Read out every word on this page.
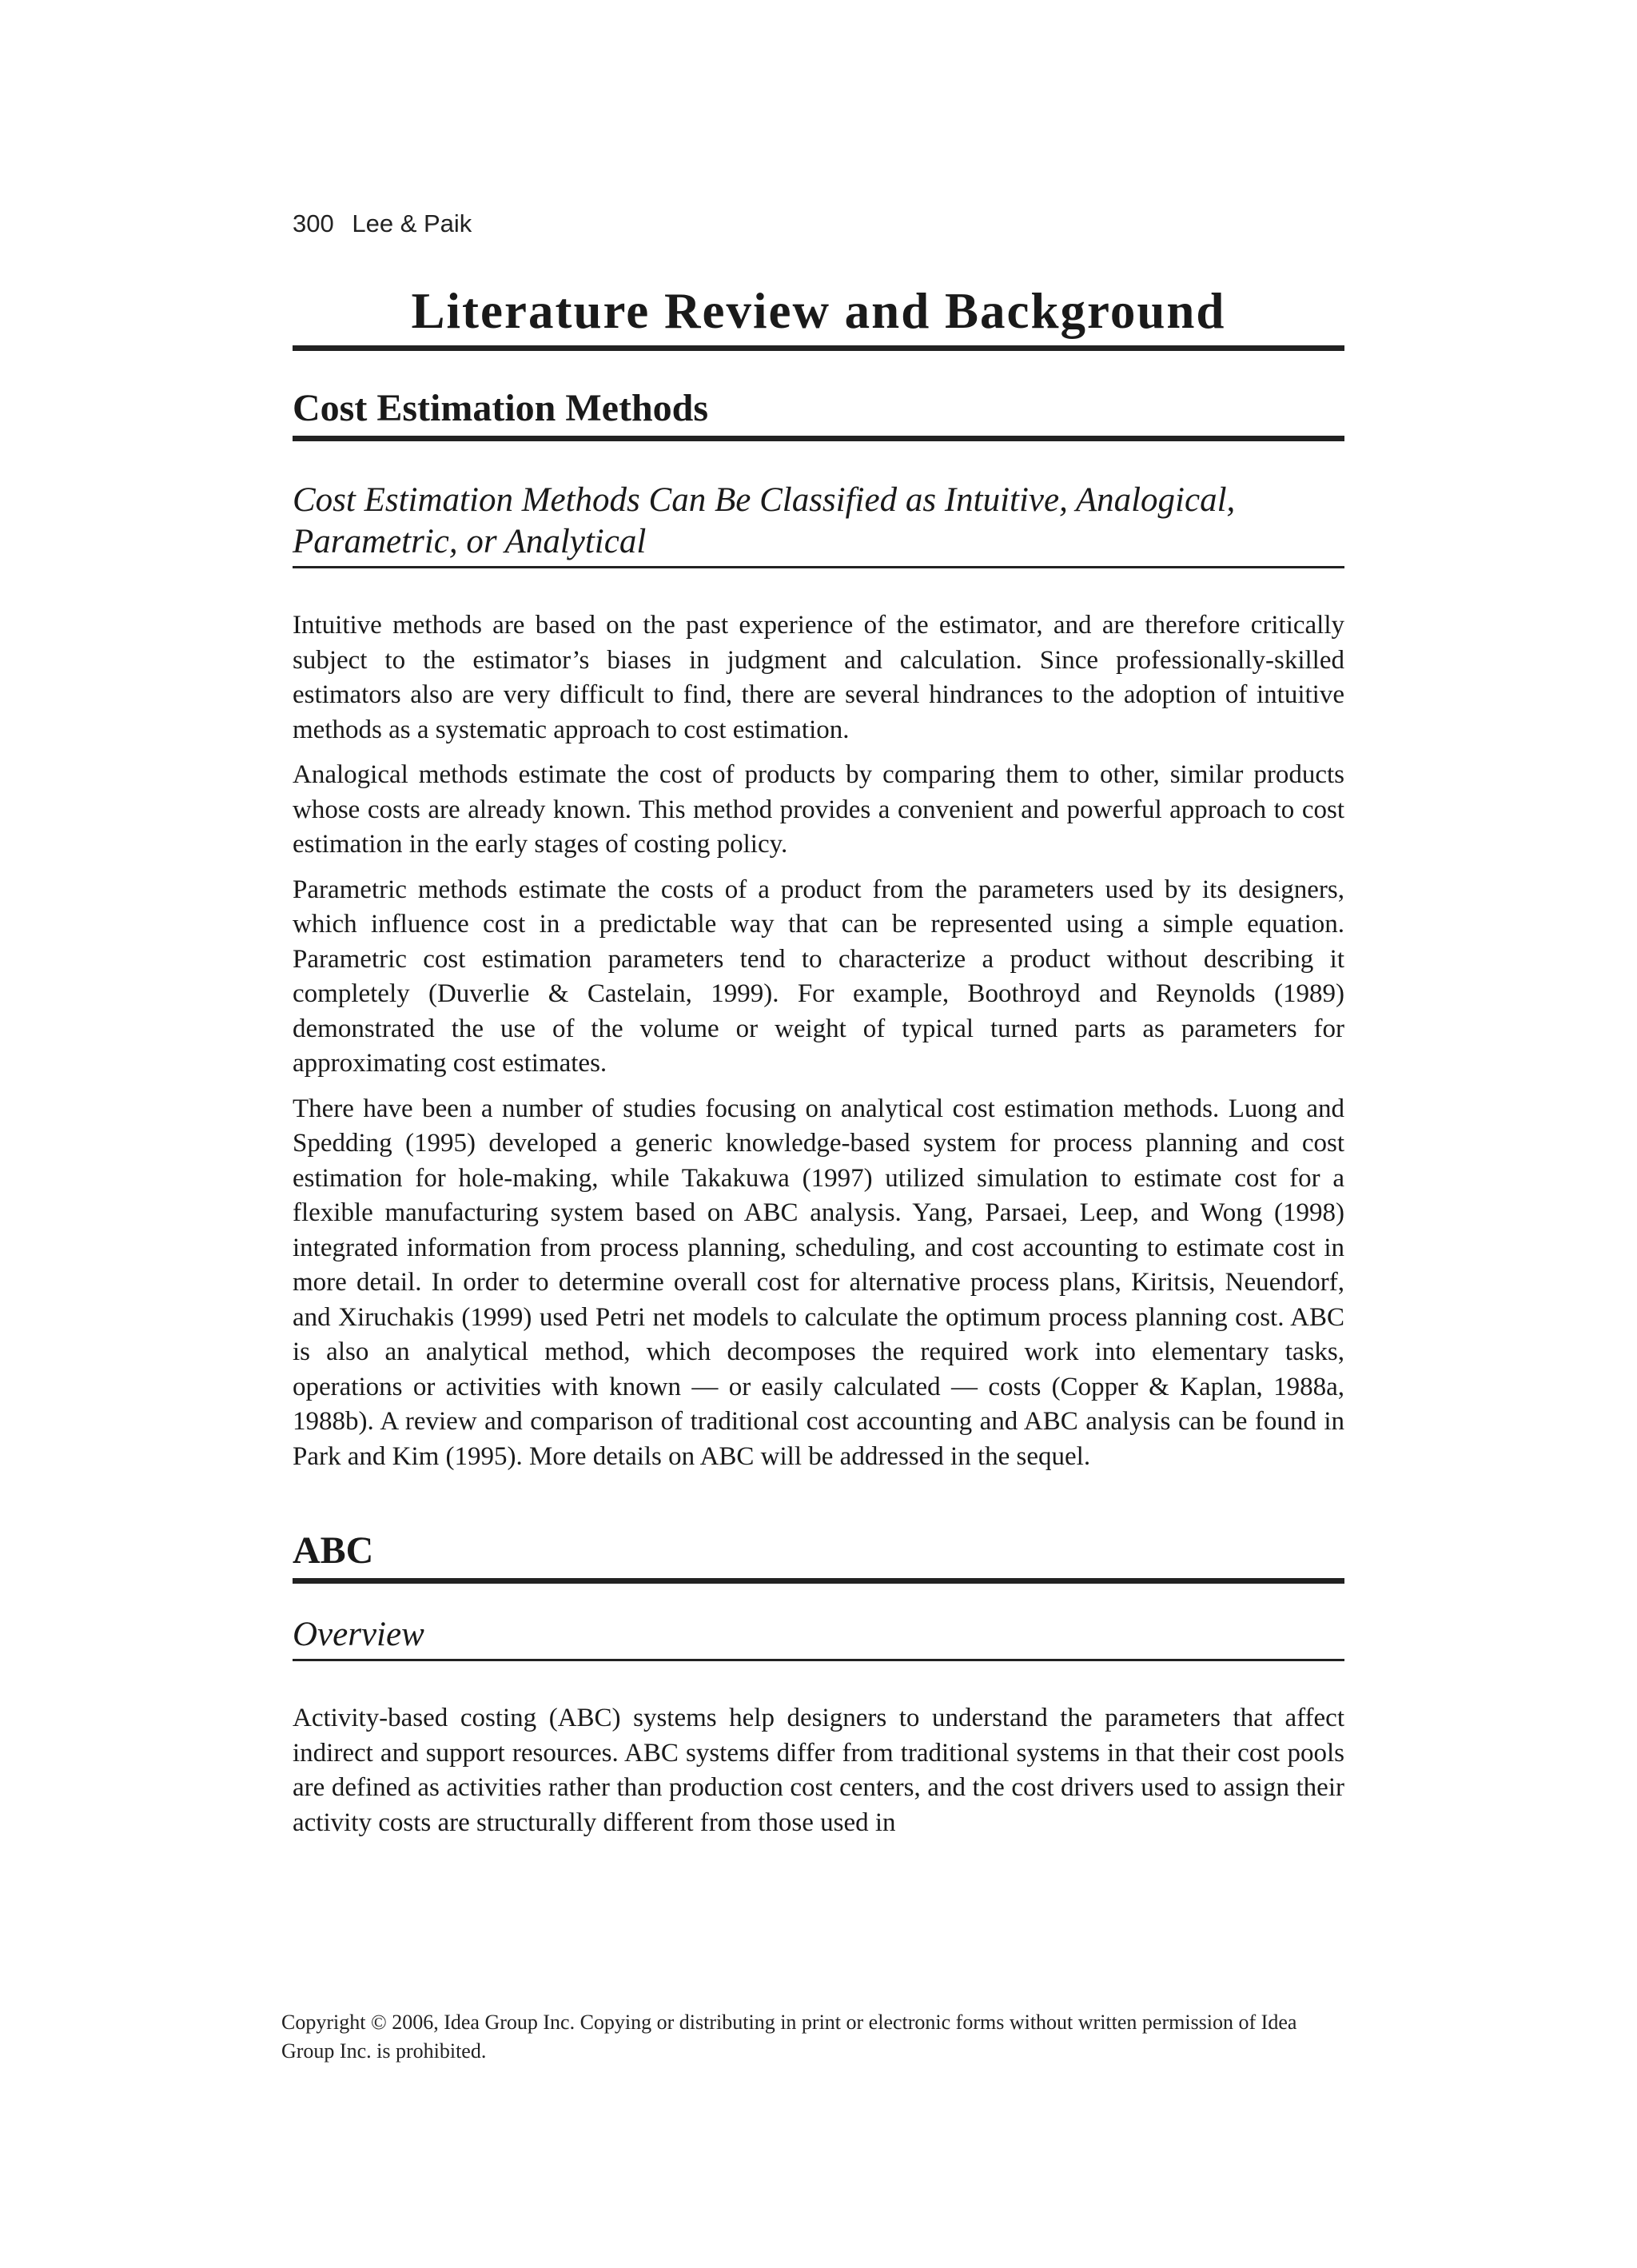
300 Lee & Paik
Literature Review and Background
Cost Estimation Methods
Cost Estimation Methods Can Be Classified as Intuitive, Analogical, Parametric, or Analytical

Intuitive methods are based on the past experience of the estimator, and are therefore critically subject to the estimator’s biases in judgment and calculation. Since professionally-skilled estimators also are very difficult to find, there are several hindrances to the adoption of intuitive methods as a systematic approach to cost estimation.

Analogical methods estimate the cost of products by comparing them to other, similar products whose costs are already known. This method provides a convenient and powerful approach to cost estimation in the early stages of costing policy.

Parametric methods estimate the costs of a product from the parameters used by its designers, which influence cost in a predictable way that can be represented using a simple equation. Parametric cost estimation parameters tend to characterize a product without describing it completely (Duverlie & Castelain, 1999). For example, Boothroyd and Reynolds (1989) demonstrated the use of the volume or weight of typical turned parts as parameters for approximating cost estimates.

There have been a number of studies focusing on analytical cost estimation methods. Luong and Spedding (1995) developed a generic knowledge-based system for process planning and cost estimation for hole-making, while Takakuwa (1997) utilized simulation to estimate cost for a flexible manufacturing system based on ABC analysis. Yang, Parsaei, Leep, and Wong (1998) integrated information from process planning, scheduling, and cost accounting to estimate cost in more detail. In order to determine overall cost for alternative process plans, Kiritsis, Neuendorf, and Xiruchakis (1999) used Petri net models to calculate the optimum process planning cost. ABC is also an analytical method, which decomposes the required work into elementary tasks, operations or activities with known — or easily calculated — costs (Copper & Kaplan, 1988a, 1988b). A review and comparison of traditional cost accounting and ABC analysis can be found in Park and Kim (1995). More details on ABC will be addressed in the sequel.

ABC
Overview

Activity-based costing (ABC) systems help designers to understand the parameters that affect indirect and support resources. ABC systems differ from traditional systems in that their cost pools are defined as activities rather than production cost centers, and the cost drivers used to assign their activity costs are structurally different from those used in

Copyright © 2006, Idea Group Inc. Copying or distributing in print or electronic forms without written permission of Idea Group Inc. is prohibited.
